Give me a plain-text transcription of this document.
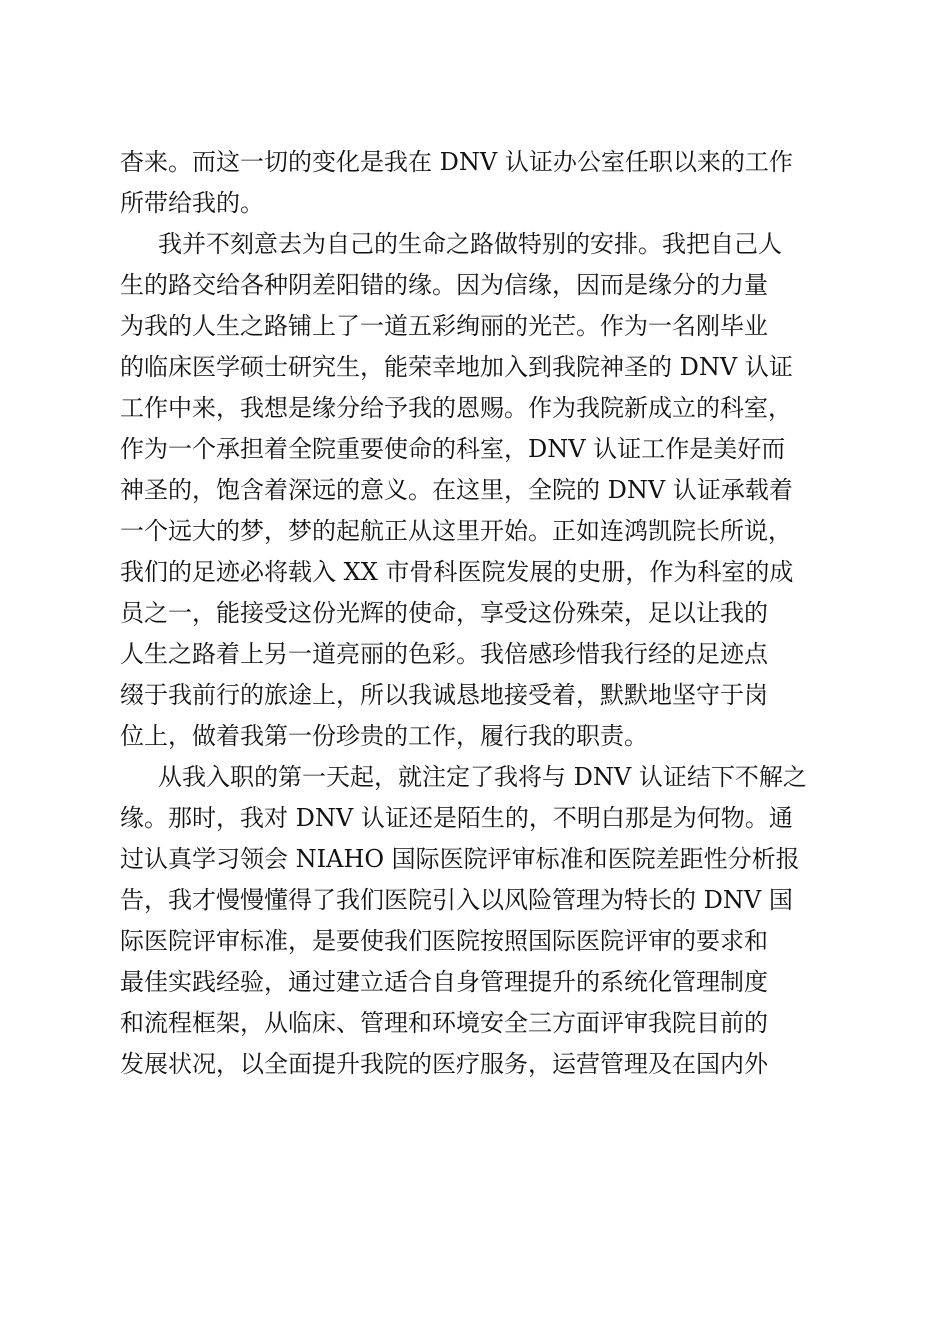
杳来。而这一切的变化是我在 DNV 认证办公室任职以来的工作
所带给我的。
我并不刻意去为自己的生命之路做特别的安排。我把自己人
生的路交给各种阴差阳错的缘。因为信缘，因而是缘分的力量
为我的人生之路铺上了一道五彩绚丽的光芒。作为一名刚毕业
的临床医学硕士研究生，能荣幸地加入到我院神圣的 DNV 认证
工作中来，我想是缘分给予我的恩赐。作为我院新成立的科室，
作为一个承担着全院重要使命的科室，DNV 认证工作是美好而
神圣的，饱含着深远的意义。在这里，全院的 DNV 认证承载着
一个远大的梦，梦的起航正从这里开始。正如连鸿凯院长所说，
我们的足迹必将载入 XX 市骨科医院发展的史册，作为科室的成
员之一，能接受这份光辉的使命，享受这份殊荣，足以让我的
人生之路着上另一道亮丽的色彩。我倍感珍惜我行经的足迹点
缀于我前行的旅途上，所以我诚恳地接受着，默默地坚守于岗
位上，做着我第一份珍贵的工作，履行我的职责。
从我入职的第一天起，就注定了我将与 DNV 认证结下不解之
缘。那时，我对 DNV 认证还是陌生的，不明白那是为何物。通
过认真学习领会 NIAHO 国际医院评审标准和医院差距性分析报
告，我才慢慢懂得了我们医院引入以风险管理为特长的 DNV 国
际医院评审标准，是要使我们医院按照国际医院评审的要求和
最佳实践经验，通过建立适合自身管理提升的系统化管理制度
和流程框架，从临床、管理和环境安全三方面评审我院目前的
发展状况，以全面提升我院的医疗服务，运营管理及在国内外
